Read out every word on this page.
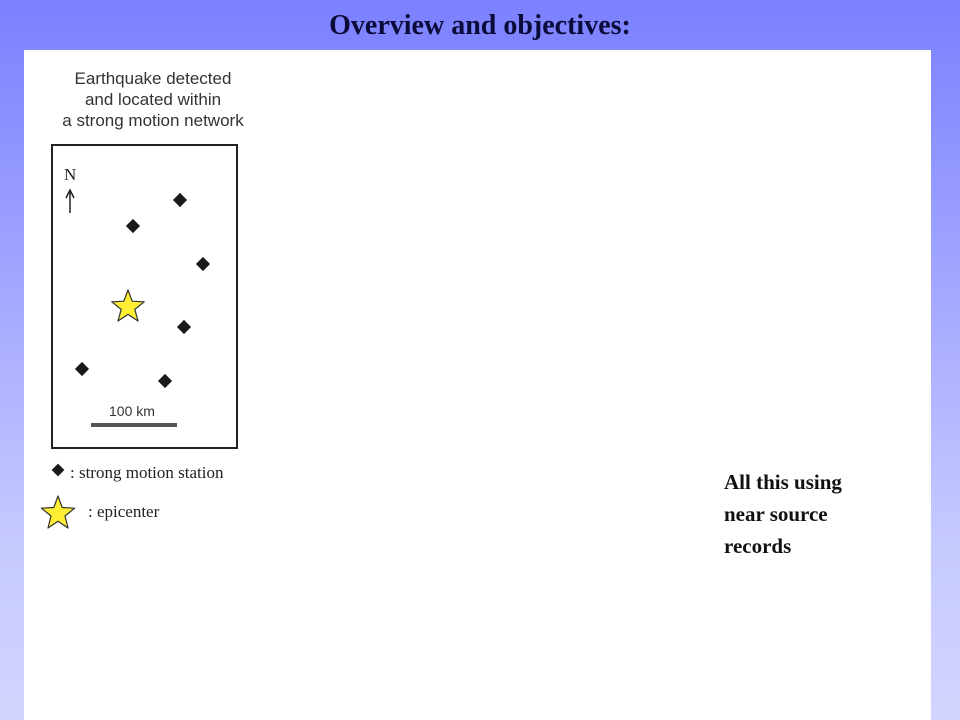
Overview and objectives:
Earthquake detected
and located within
a strong motion network
N
100 km
: strong motion station
: epicenter
All this using
near source
records
